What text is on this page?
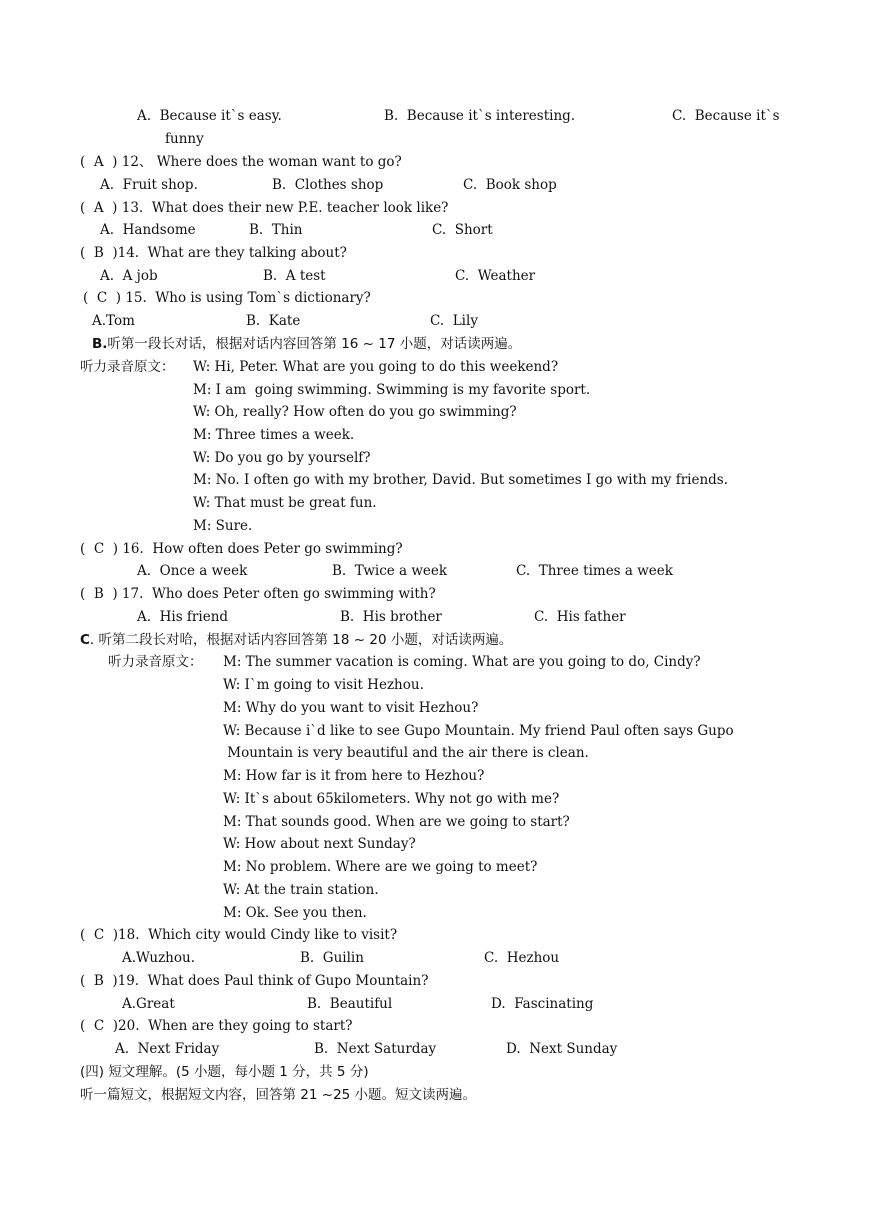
A.  Because it`s easy.	B.  Because it`s interesting.	C.  Because it`s
funny
(  A  ) 12、 Where does the woman want to go?
A.  Fruit shop.	B.  Clothes shop	C.  Book shop
(  A  ) 13.  What does their new P.E. teacher look like?
A.  Handsome	B.  Thin	C.  Short
(  B  )14.  What are they talking about?
A.  A job	B.  A test	C.  Weather
(  C  ) 15.  Who is using Tom`s dictionary?
A.Tom	B.  Kate	C.  Lily
B.听第一段长对话，根据对话内容回答第 16 ~ 17 小题，对话读两遍。
听力录音原文： W: Hi, Peter. What are you going to do this weekend?
M: I am  going swimming. Swimming is my favorite sport.
W: Oh, really? How often do you go swimming?
M: Three times a week.
W: Do you go by yourself?
M: No. I often go with my brother, David. But sometimes I go with my friends.
W: That must be great fun.
M: Sure.
(  C  ) 16.  How often does Peter go swimming?
A.  Once a week	B.  Twice a week	C.  Three times a week
(  B  ) 17.  Who does Peter often go swimming with?
A.  His friend	B.  His brother	C.  His father
C. 听第二段长对哈，根据对话内容回答第 18 ~ 20 小题，对话读两遍。
听力录音原文： M: The summer vacation is coming. What are you going to do, Cindy?
W: I`m going to visit Hezhou.
M: Why do you want to visit Hezhou?
W: Because i`d like to see Gupo Mountain. My friend Paul often says Gupo
Mountain is very beautiful and the air there is clean.
M: How far is it from here to Hezhou?
W: It`s about 65kilometers. Why not go with me?
M: That sounds good. When are we going to start?
W: How about next Sunday?
M: No problem. Where are we going to meet?
W: At the train station.
M: Ok. See you then.
(  C  )18.  Which city would Cindy like to visit?
A.Wuzhou.	B.  Guilin	C.  Hezhou
(  B  )19.  What does Paul think of Gupo Mountain?
A.Great	B.  Beautiful	D.  Fascinating
(  C  )20.  When are they going to start?
A.  Next Friday	B.  Next Saturday	D.  Next Sunday
(四) 短文理解。(5 小题，每小题 1 分，共 5 分)
听一篇短文，根据短文内容，回答第 21 ~25 小题。短文读两遍。
